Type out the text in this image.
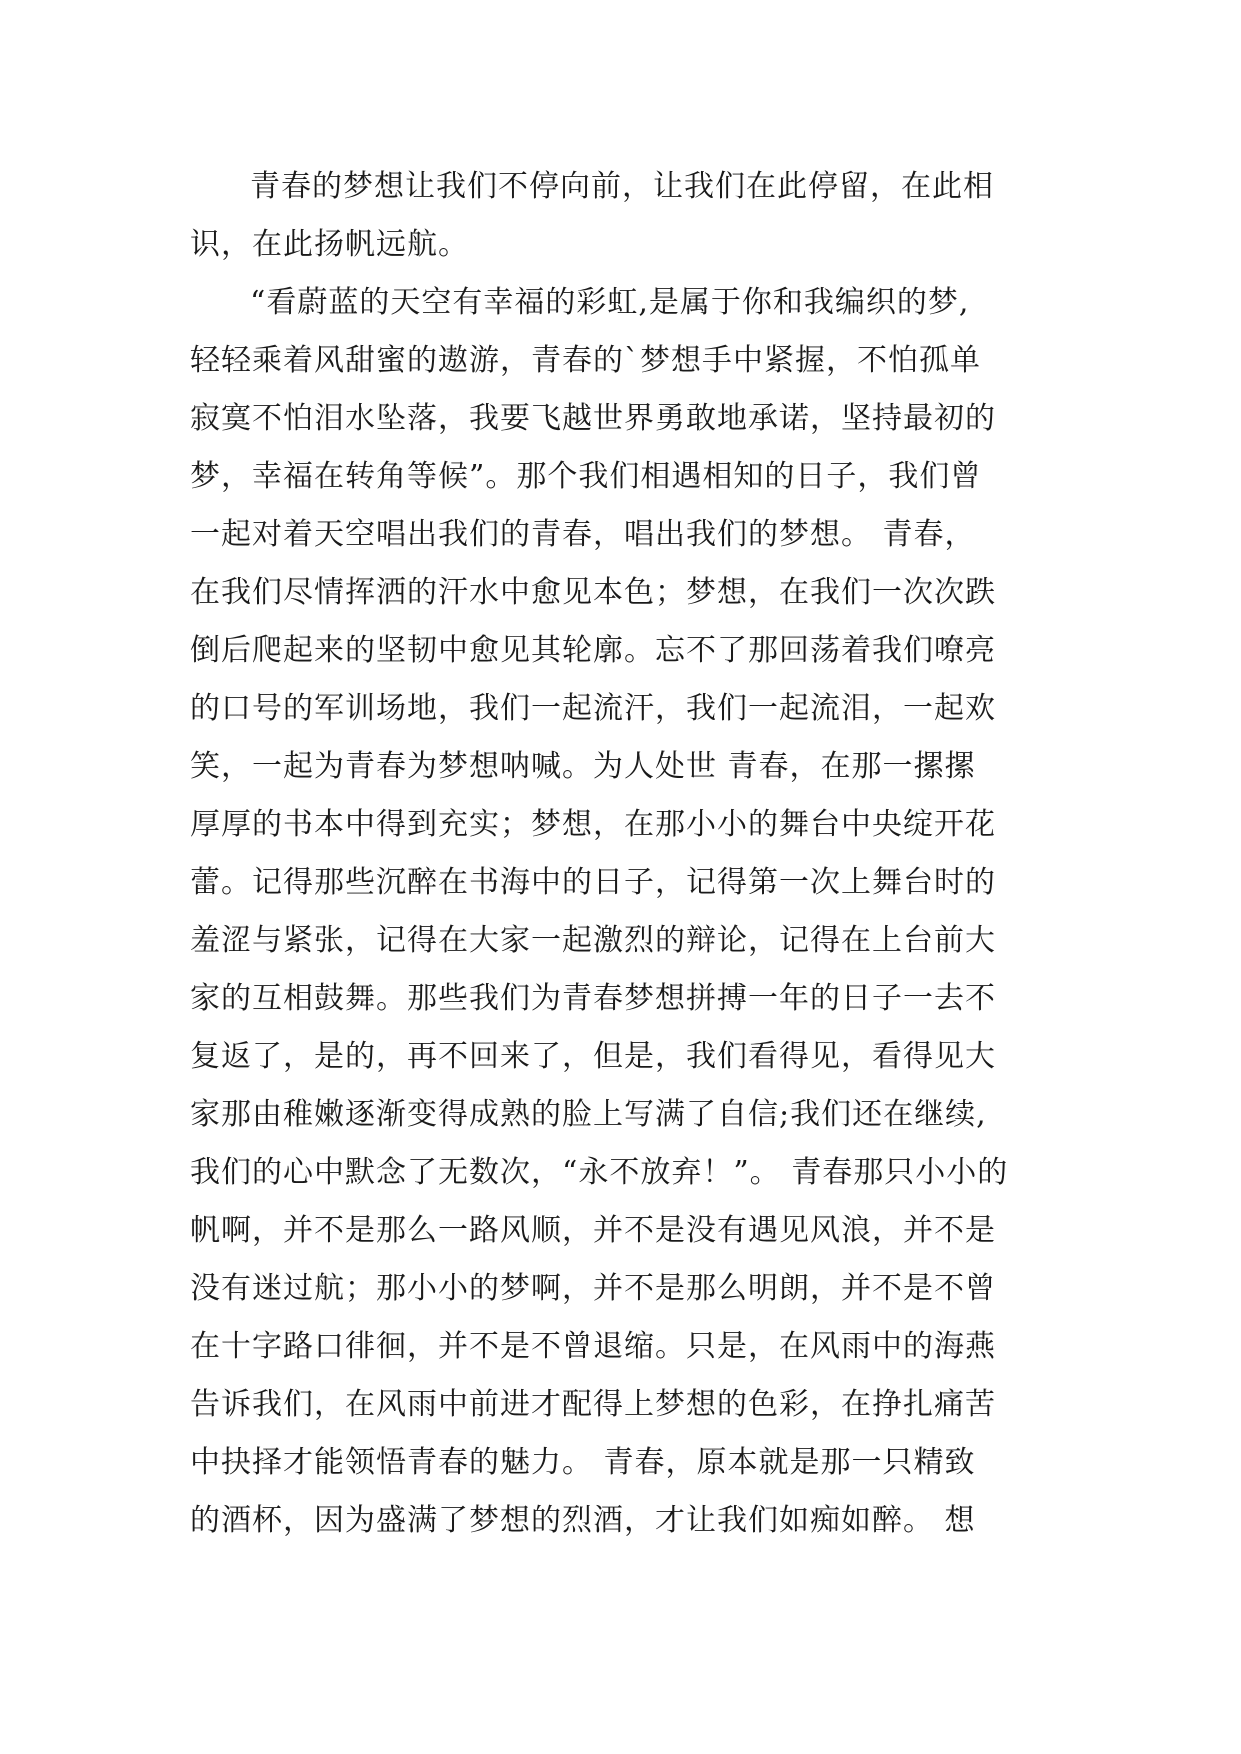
青春的梦想让我们不停向前，让我们在此停留，在此相
识，在此扬帆远航。
“看蔚蓝的天空有幸福的彩虹,是属于你和我编织的梦,
轻轻乘着风甜蜜的遨游，青春的`梦想手中紧握，不怕孤单
寂寞不怕泪水坠落，我要飞越世界勇敢地承诺，坚持最初的
梦，幸福在转角等候”。那个我们相遇相知的日子，我们曾
一起对着天空唱出我们的青春，唱出我们的梦想。 青春，
在我们尽情挥洒的汗水中愈见本色；梦想，在我们一次次跌
倒后爬起来的坚韧中愈见其轮廓。忘不了那回荡着我们嘹亮
的口号的军训场地，我们一起流汗，我们一起流泪，一起欢
笑，一起为青春为梦想呐喊。为人处世 青春，在那一摞摞
厚厚的书本中得到充实；梦想，在那小小的舞台中央绽开花
蕾。记得那些沉醉在书海中的日子，记得第一次上舞台时的
羞涩与紧张，记得在大家一起激烈的辩论，记得在上台前大
家的互相鼓舞。那些我们为青春梦想拼搏一年的日子一去不
复返了，是的，再不回来了，但是，我们看得见，看得见大
家那由稚嫩逐渐变得成熟的脸上写满了自信;我们还在继续,
我们的心中默念了无数次，“永不放弃！”。 青春那只小小的
帆啊，并不是那么一路风顺，并不是没有遇见风浪，并不是
没有迷过航；那小小的梦啊，并不是那么明朗，并不是不曾
在十字路口徘徊，并不是不曾退缩。只是，在风雨中的海燕
告诉我们，在风雨中前进才配得上梦想的色彩，在挣扎痛苦
中抉择才能领悟青春的魅力。 青春，原本就是那一只精致
的酒杯，因为盛满了梦想的烈酒，才让我们如痴如醉。 想
